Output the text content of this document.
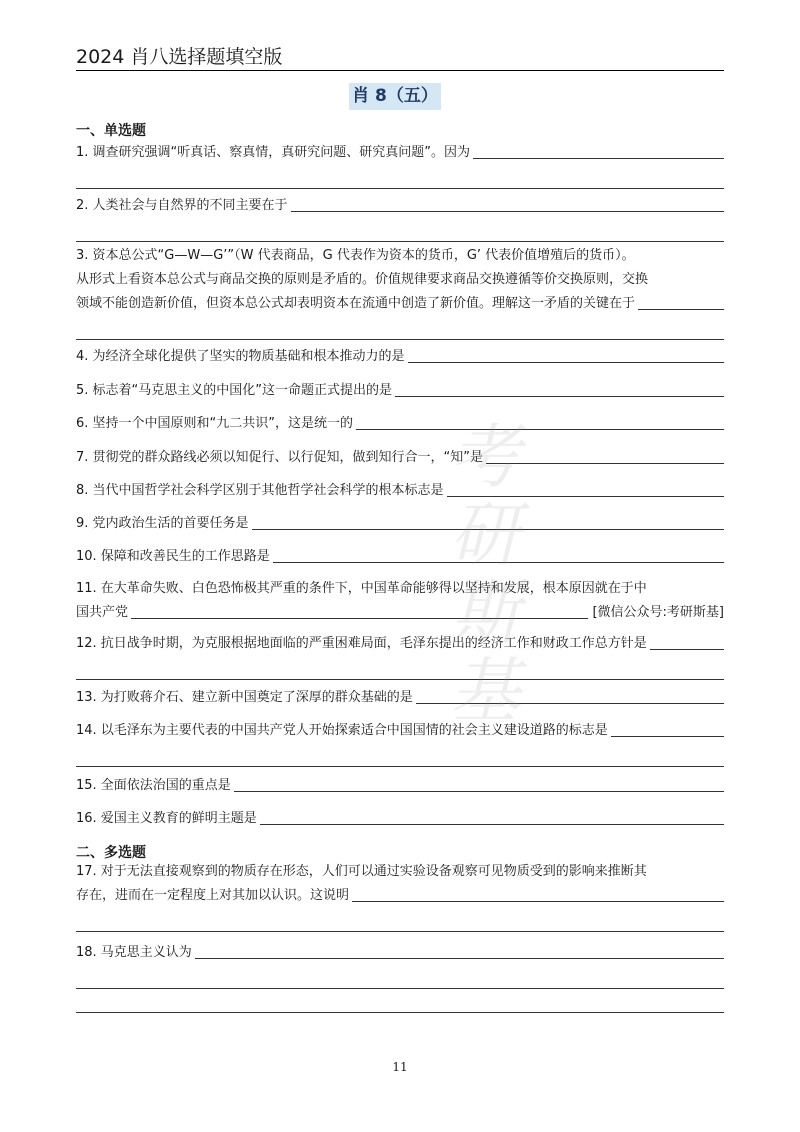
2024 肖八选择题填空版
肖 8（五）
一、单选题
1. 调查研究强调“听真话、察真情，真研究问题、研究真问题”。因为
2. 人类社会与自然界的不同主要在于
3. 资本总公式“G—W—G’”（W 代表商品，G 代表作为资本的货币，G’ 代表价值增殖后的货币）。
从形式上看资本总公式与商品交换的原则是矛盾的。价值规律要求商品交换遵循等价交换原则，交换
领域不能创造新价值，但资本总公式却表明资本在流通中创造了新价值。理解这一矛盾的关键在于
4. 为经济全球化提供了坚实的物质基础和根本推动力的是
5. 标志着“马克思主义的中国化”这一命题正式提出的是
6. 坚持一个中国原则和“九二共识”，这是统一的
7. 贯彻党的群众路线必须以知促行、以行促知，做到知行合一，“知”是
8. 当代中国哲学社会科学区别于其他哲学社会科学的根本标志是
9. 党内政治生活的首要任务是
10. 保障和改善民生的工作思路是
11. 在大革命失败、白色恐怖极其严重的条件下，中国革命能够得以坚持和发展，根本原因就在于中
国共产党	[微信公众号:考研斯基]
12. 抗日战争时期，为克服根据地面临的严重困难局面，毛泽东提出的经济工作和财政工作总方针是
13. 为打败蒋介石、建立新中国奠定了深厚的群众基础的是
14. 以毛泽东为主要代表的中国共产党人开始探索适合中国国情的社会主义建设道路的标志是
15. 全面依法治国的重点是
16. 爱国主义教育的鲜明主题是
二、多选题
17. 对于无法直接观察到的物质存在形态，人们可以通过实验设备观察可见物质受到的影响来推断其
存在，进而在一定程度上对其加以认识。这说明
18. 马克思主义认为
考
研
斯
基
11
